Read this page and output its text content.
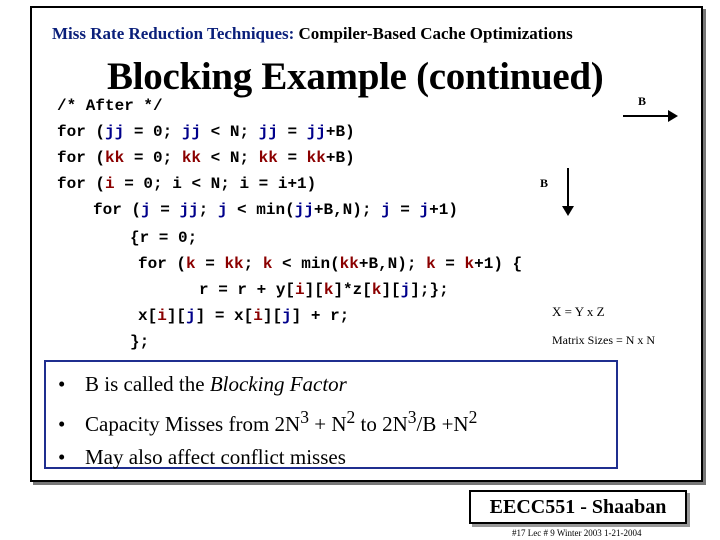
Miss Rate Reduction Techniques: Compiler-Based Cache Optimizations
Blocking Example (continued)
/* After */
for (jj = 0; jj < N; jj = jj+B)
for (kk = 0; kk < N; kk = kk+B)
for (i = 0; i < N; i = i+1)
for (j = jj; j < min(jj+B,N); j = j+1)
{r = 0;
for (k = kk; k < min(kk+B,N); k = k+1) {
r = r + y[i][k]*z[k][j];};
x[i][j] = x[i][j] + r;
};
B
B
X = Y x Z
Matrix Sizes = N x N
• B is called the Blocking Factor
• Capacity Misses from $2N^3 + N^2$ to $2N^3/B +N^2$
• May also affect conflict misses
EECC551 - Shaaban
#17 Lec # 9 Winter 2003 1-21-2004
